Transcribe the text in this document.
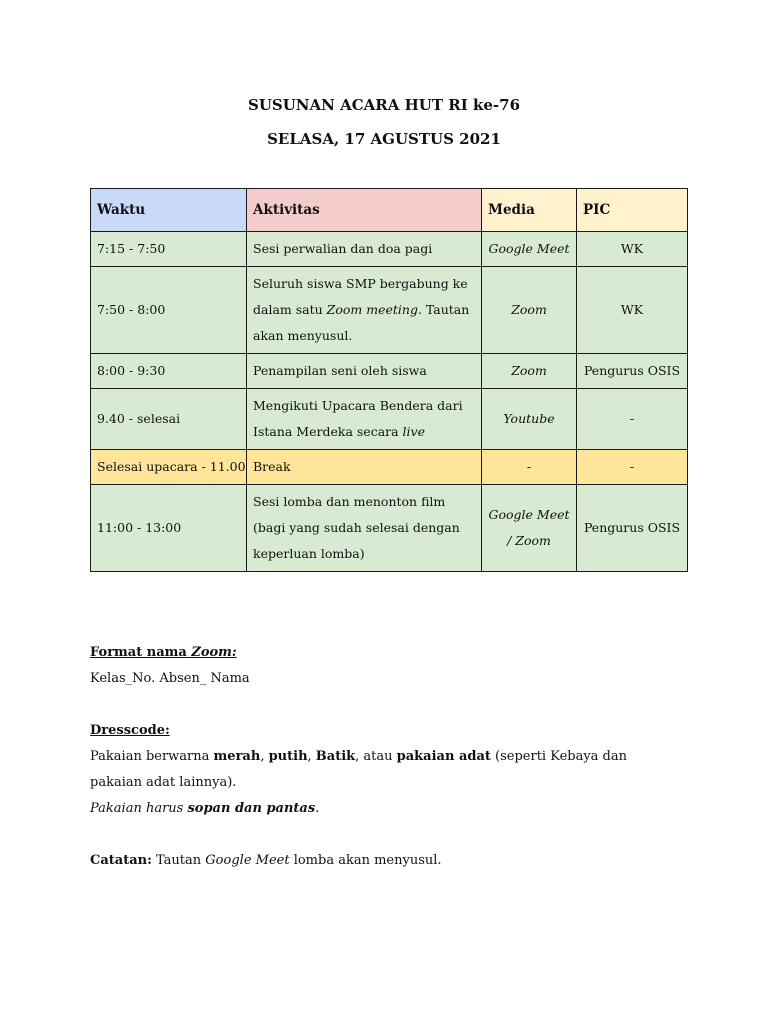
SUSUNAN ACARA HUT RI ke-76
SELASA, 17 AGUSTUS 2021
Waktu	Aktivitas	Media	PIC
7:15 - 7:50	Sesi perwalian dan doa pagi	Google Meet	WK
7:50 - 8:00	Seluruh siswa SMP bergabung ke dalam satu Zoom meeting. Tautan akan menyusul.	Zoom	WK
8:00 - 9:30	Penampilan seni oleh siswa	Zoom	Pengurus OSIS
9.40 - selesai	Mengikuti Upacara Bendera dari Istana Merdeka secara live	Youtube	-
Selesai upacara - 11.00	Break	-	-
11:00 - 13:00	Sesi lomba dan menonton film (bagi yang sudah selesai dengan keperluan lomba)	Google Meet / Zoom	Pengurus OSIS

Format nama Zoom:

Kelas_No. Absen_ Nama

Dresscode:

Pakaian berwarna merah, putih, Batik, atau pakaian adat (seperti Kebaya dan pakaian adat lainnya).

Pakaian harus sopan dan pantas.

Catatan: Tautan Google Meet lomba akan menyusul.
